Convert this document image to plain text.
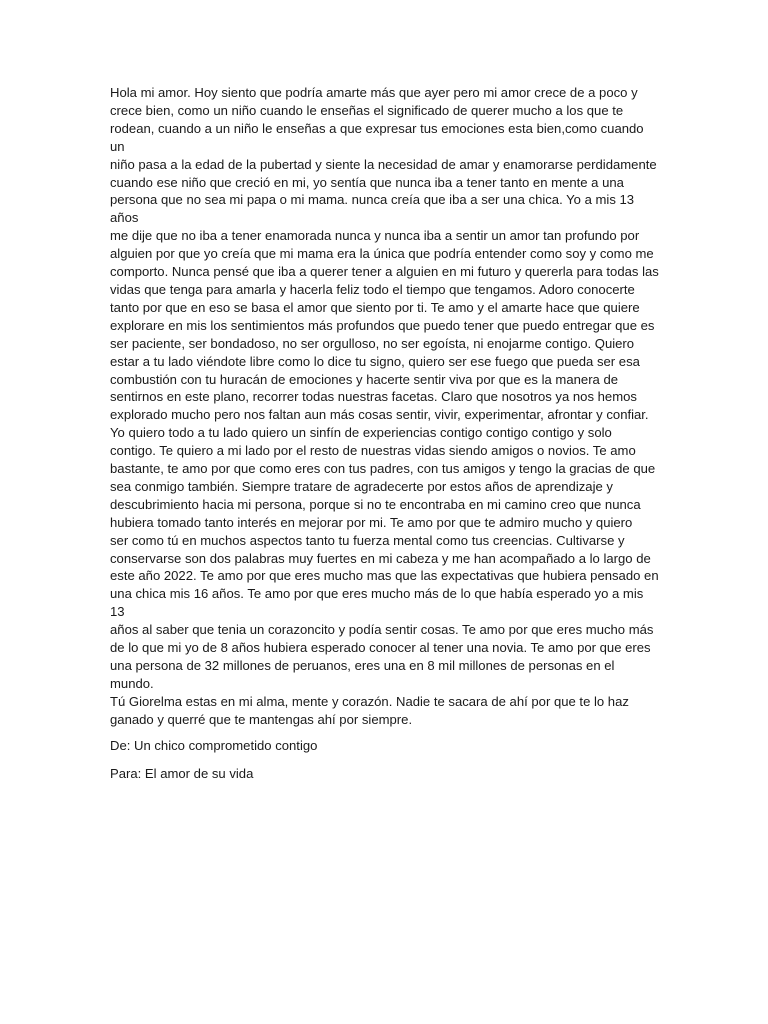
Hola mi amor. Hoy siento que podría amarte más que ayer pero mi amor crece de a poco y
crece bien, como un niño cuando le enseñas el significado de querer mucho a los que te
rodean, cuando a un niño le enseñas a que expresar tus emociones esta bien,como cuando un
niño pasa a la edad de la pubertad y siente la necesidad de amar y enamorarse perdidamente
cuando ese niño que creció en mi, yo sentía que nunca iba a tener tanto en mente a una
persona que no sea mi papa o mi mama. nunca creía que iba a ser una chica. Yo a mis 13 años
me dije que no iba a tener enamorada nunca y nunca iba a sentir un amor tan profundo por
alguien por que yo creía que mi mama era la única que podría entender como soy y como me
comporto. Nunca pensé que iba a querer tener a alguien en mi futuro y quererla para todas las
vidas que tenga para amarla y hacerla feliz todo el tiempo que tengamos. Adoro conocerte
tanto por que en eso se basa el amor que siento por ti. Te amo y el amarte hace que quiere
explorare en mis los sentimientos más profundos que puedo tener que puedo entregar que es
ser paciente, ser bondadoso, no ser orgulloso, no ser egoísta, ni enojarme contigo. Quiero
estar a tu lado viéndote libre como lo dice tu signo, quiero ser ese fuego que pueda ser esa
combustión con tu huracán de emociones y hacerte sentir viva por que es la manera de
sentirnos en este plano, recorrer todas nuestras facetas. Claro que nosotros ya nos hemos
explorado mucho pero nos faltan aun más cosas sentir, vivir, experimentar, afrontar y confiar.
Yo quiero todo a tu lado quiero un sinfín de experiencias contigo contigo contigo y solo
contigo. Te quiero a mi lado por el resto de nuestras vidas siendo amigos o novios. Te amo
bastante, te amo por que como eres con tus padres, con tus amigos y tengo la gracias de que
sea conmigo también. Siempre tratare de agradecerte por estos años de aprendizaje y
descubrimiento hacia mi persona, porque si no te encontraba en mi camino creo que nunca
hubiera tomado tanto interés en mejorar por mi. Te amo por que te admiro mucho y quiero
ser como tú en muchos aspectos tanto tu fuerza mental como tus creencias. Cultivarse y
conservarse son dos palabras muy fuertes en mi cabeza y me han acompañado a lo largo de
este año 2022. Te amo por que eres mucho mas que las expectativas que hubiera pensado en
una chica mis 16 años. Te amo por que eres mucho más de lo que había esperado yo a mis 13
años al saber que tenia un corazoncito y podía sentir cosas. Te amo por que eres mucho más
de lo que mi yo de 8 años hubiera esperado conocer al tener una novia. Te amo por que eres
una persona de 32 millones de peruanos, eres una en 8 mil millones de personas en el mundo.
Tú Giorelma estas en mi alma, mente y corazón. Nadie te sacara de ahí por que te lo haz
ganado y querré que te mantengas ahí por siempre.

De: Un chico comprometido contigo

Para: El amor de su vida
